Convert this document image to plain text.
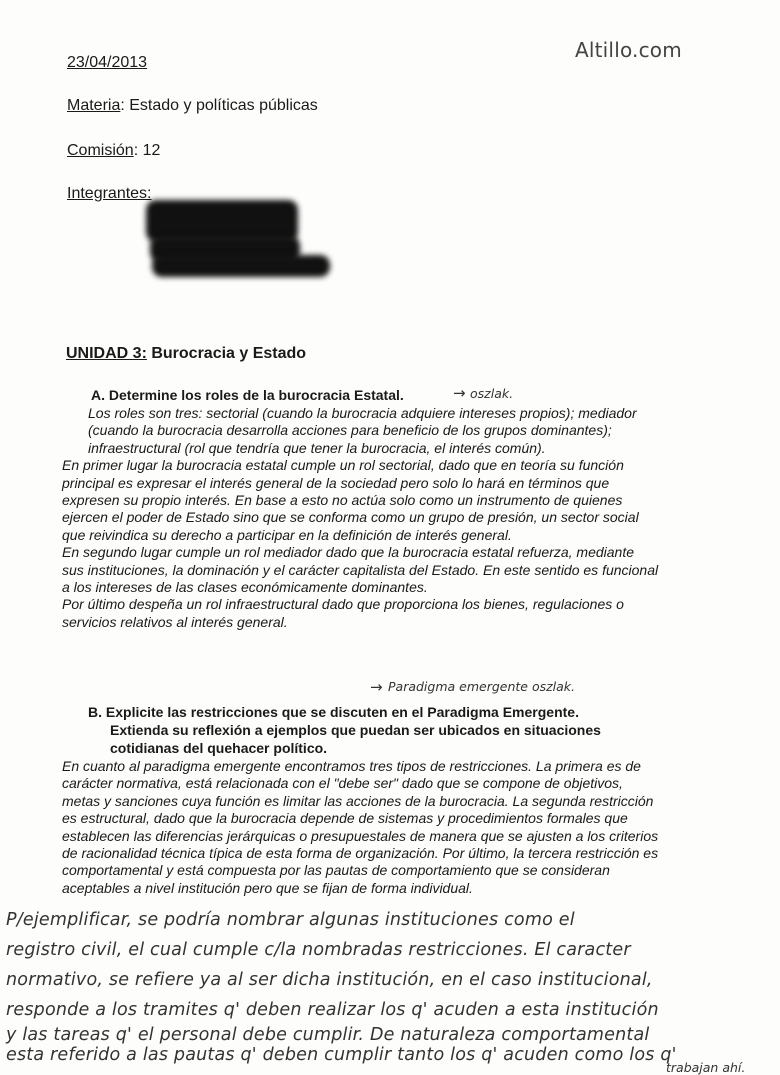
23/04/2013
Altillo.com
Materia: Estado y políticas públicas
Comisión: 12
Integrantes:
UNIDAD 3: Burocracia y Estado
A. Determine los roles de la burocracia Estatal.	→ oszlak.
Los roles son tres: sectorial (cuando la burocracia adquiere intereses propios); mediador
(cuando la burocracia desarrolla acciones para beneficio de los grupos dominantes);
infraestructural (rol que tendría que tener la burocracia, el interés común).
En primer lugar la burocracia estatal cumple un rol sectorial, dado que en teoría su función
principal es expresar el interés general de la sociedad pero solo lo hará en términos que
expresen su propio interés. En base a esto no actúa solo como un instrumento de quienes
ejercen el poder de Estado sino que se conforma como un grupo de presión, un sector social
que reivindica su derecho a participar en la definición de interés general.
En segundo lugar cumple un rol mediador dado que la burocracia estatal refuerza, mediante
sus instituciones, la dominación y el carácter capitalista del Estado. En este sentido es funcional
a los intereses de las clases económicamente dominantes.
Por último despeña un rol infraestructural dado que proporciona los bienes, regulaciones o
servicios relativos al interés general.
→ Paradigma emergente oszlak.
B. Explicite las restricciones que se discuten en el Paradigma Emergente.
Extienda su reflexión a ejemplos que puedan ser ubicados en situaciones
cotidianas del quehacer político.
En cuanto al paradigma emergente encontramos tres tipos de restricciones. La primera es de
carácter normativa, está relacionada con el "debe ser" dado que se compone de objetivos,
metas y sanciones cuya función es limitar las acciones de la burocracia. La segunda restricción
es estructural, dado que la burocracia depende de sistemas y procedimientos formales que
establecen las diferencias jerárquicas o presupuestales de manera que se ajusten a los criterios
de racionalidad técnica típica de esta forma de organización. Por último, la tercera restricción es
comportamental y está compuesta por las pautas de comportamiento que se consideran
aceptables a nivel institución pero que se fijan de forma individual.
P/ejemplificar, se podría nombrar algunas instituciones como el
registro civil, el cual cumple c/la nombradas restricciones. El caracter
normativo, se refiere ya al ser dicha institución, en el caso institucional,
responde a los tramites q' deben realizar los q' acuden a esta institución
y las tareas q' el personal debe cumplir. De naturaleza comportamental
esta referido a las pautas q' deben cumplir tanto los q' acuden como los q'
trabajan ahí.
